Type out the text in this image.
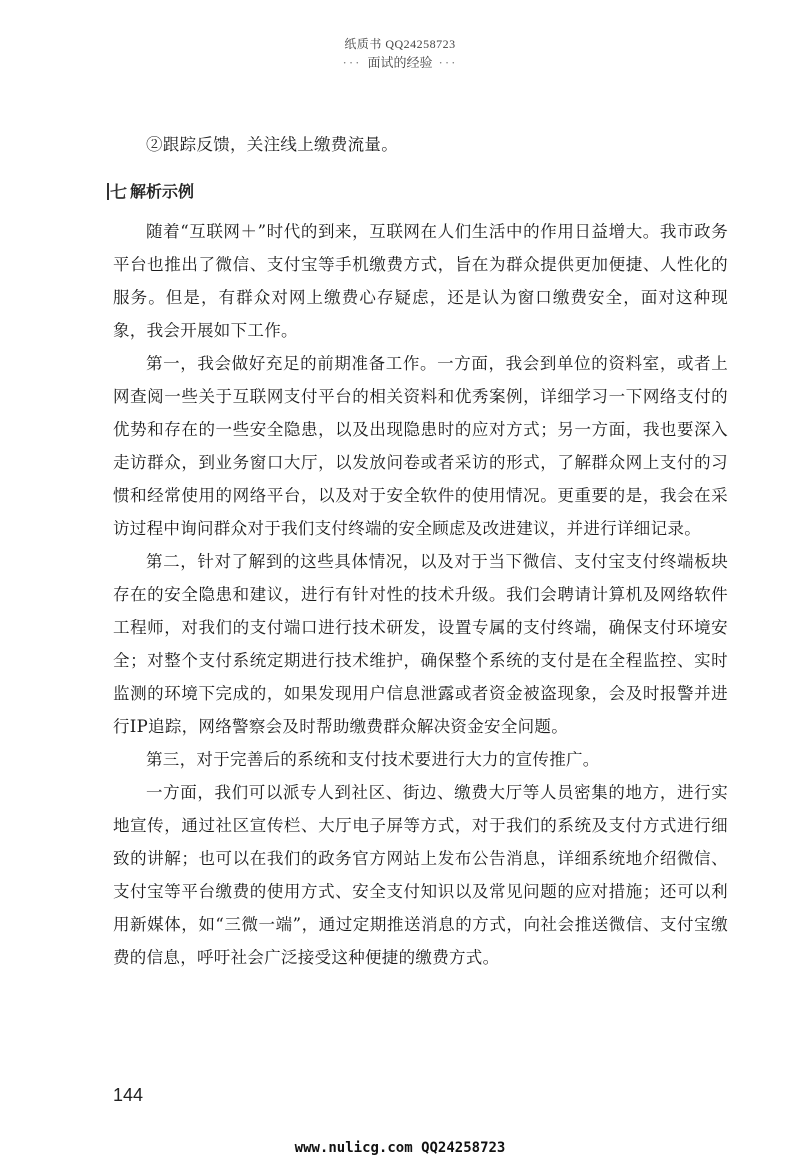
纸质书 QQ24258723
··· 面试的经验 ···

②跟踪反馈，关注线上缴费流量。

七 解析示例

随着“互联网＋”时代的到来，互联网在人们生活中的作用日益增大。我市政务平台也推出了微信、支付宝等手机缴费方式，旨在为群众提供更加便捷、人性化的服务。但是，有群众对网上缴费心存疑虑，还是认为窗口缴费安全，面对这种现象，我会开展如下工作。

第一，我会做好充足的前期准备工作。一方面，我会到单位的资料室，或者上网查阅一些关于互联网支付平台的相关资料和优秀案例，详细学习一下网络支付的优势和存在的一些安全隐患，以及出现隐患时的应对方式；另一方面，我也要深入走访群众，到业务窗口大厅，以发放问卷或者采访的形式，了解群众网上支付的习惯和经常使用的网络平台，以及对于安全软件的使用情况。更重要的是，我会在采访过程中询问群众对于我们支付终端的安全顾虑及改进建议，并进行详细记录。

第二，针对了解到的这些具体情况，以及对于当下微信、支付宝支付终端板块存在的安全隐患和建议，进行有针对性的技术升级。我们会聘请计算机及网络软件工程师，对我们的支付端口进行技术研发，设置专属的支付终端，确保支付环境安全；对整个支付系统定期进行技术维护，确保整个系统的支付是在全程监控、实时监测的环境下完成的，如果发现用户信息泄露或者资金被盗现象，会及时报警并进行IP追踪，网络警察会及时帮助缴费群众解决资金安全问题。

第三，对于完善后的系统和支付技术要进行大力的宣传推广。

一方面，我们可以派专人到社区、街边、缴费大厅等人员密集的地方，进行实地宣传，通过社区宣传栏、大厅电子屏等方式，对于我们的系统及支付方式进行细致的讲解；也可以在我们的政务官方网站上发布公告消息，详细系统地介绍微信、支付宝等平台缴费的使用方式、安全支付知识以及常见问题的应对措施；还可以利用新媒体，如“三微一端”，通过定期推送消息的方式，向社会推送微信、支付宝缴费的信息，呼吁社会广泛接受这种便捷的缴费方式。

144
www.nulicg.com QQ24258723
